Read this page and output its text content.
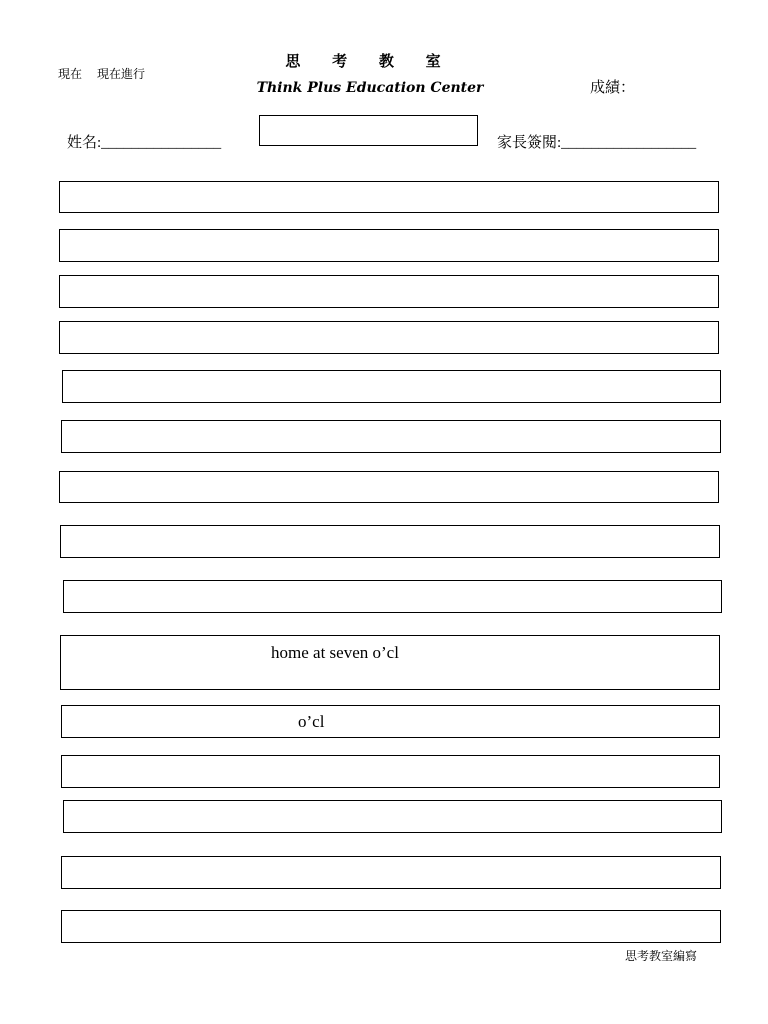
現在 現在進行
思 考 教 室
Think Plus Education Center	成績：
姓名:________________	家長簽閱:__________________
home at seven o’cl
o’cl
思考教室編寫
